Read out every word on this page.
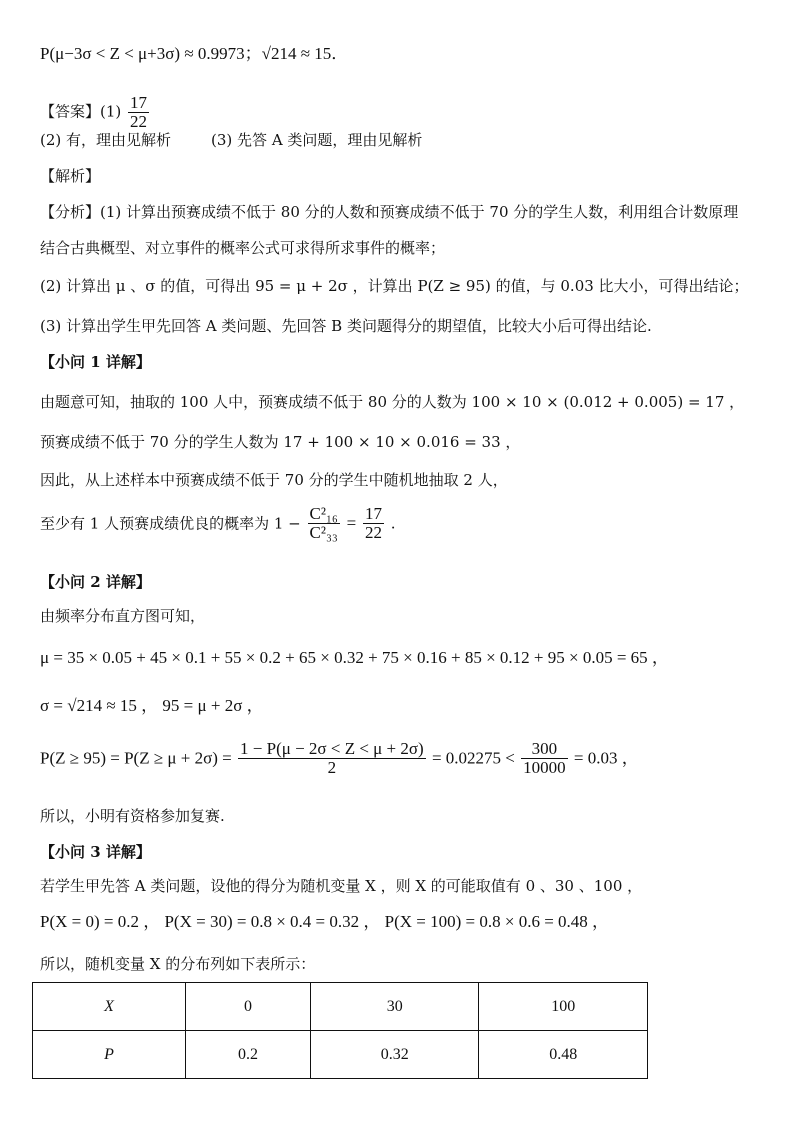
P(μ−3σ < Z < μ+3σ) ≈ 0.9973；√214 ≈ 15．
【答案】$(1) \frac{17}{22}$
(2) 有，理由见解析	(3) 先答 A 类问题，理由见解析
【解析】
【分析】(1) 计算出预赛成绩不低于 80 分的人数和预赛成绩不低于 70 分的学生人数，利用组合计数原理
结合古典概型、对立事件的概率公式可求得所求事件的概率；
(2) 计算出 μ 、σ 的值，可得出 95 = μ + 2σ ，计算出 P(Z ≥ 95) 的值，与 0.03 比大小，可得出结论；
(3) 计算出学生甲先回答 A 类问题、先回答 B 类问题得分的期望值，比较大小后可得出结论.
【小问 1 详解】
由题意可知，抽取的 100 人中，预赛成绩不低于 80 分的人数为 100 × 10 × (0.012 + 0.005) = 17 ，
预赛成绩不低于 70 分的学生人数为 17 + 100 × 10 × 0.016 = 33 ，
因此，从上述样本中预赛成绩不低于 70 分的学生中随机地抽取 2 人，
至少有 1 人预赛成绩优良的概率为 $1 - \frac{\text{C²₁₆}}{\text{C²₃₃}} = \frac{17}{22}$ .
【小问 2 详解】
由频率分布直方图可知，
μ = 35 × 0.05 + 45 × 0.1 + 55 × 0.2 + 65 × 0.32 + 75 × 0.16 + 85 × 0.12 + 95 × 0.05 = 65 ，
σ = √214 ≈ 15 ， 95 = μ + 2σ ，
$P(Z \ge 95) = P(Z \ge \mu + 2\sigma) = \frac{1 - P(\mu - 2\sigma < Z < \mu + 2\sigma)}{2} = 0.02275 < \frac{300}{10000} = 0.03$ ，
所以，小明有资格参加复赛.
【小问 3 详解】
若学生甲先答 A 类问题，设他的得分为随机变量 X ，则 X 的可能取值有 0 、30 、100 ，
P(X = 0) = 0.2 ， P(X = 30) = 0.8 × 0.4 = 0.32 ， P(X = 100) = 0.8 × 0.6 = 0.48 ，
所以，随机变量 X 的分布列如下表所示：
X	0	30	100
P	0.2	0.32	0.48
